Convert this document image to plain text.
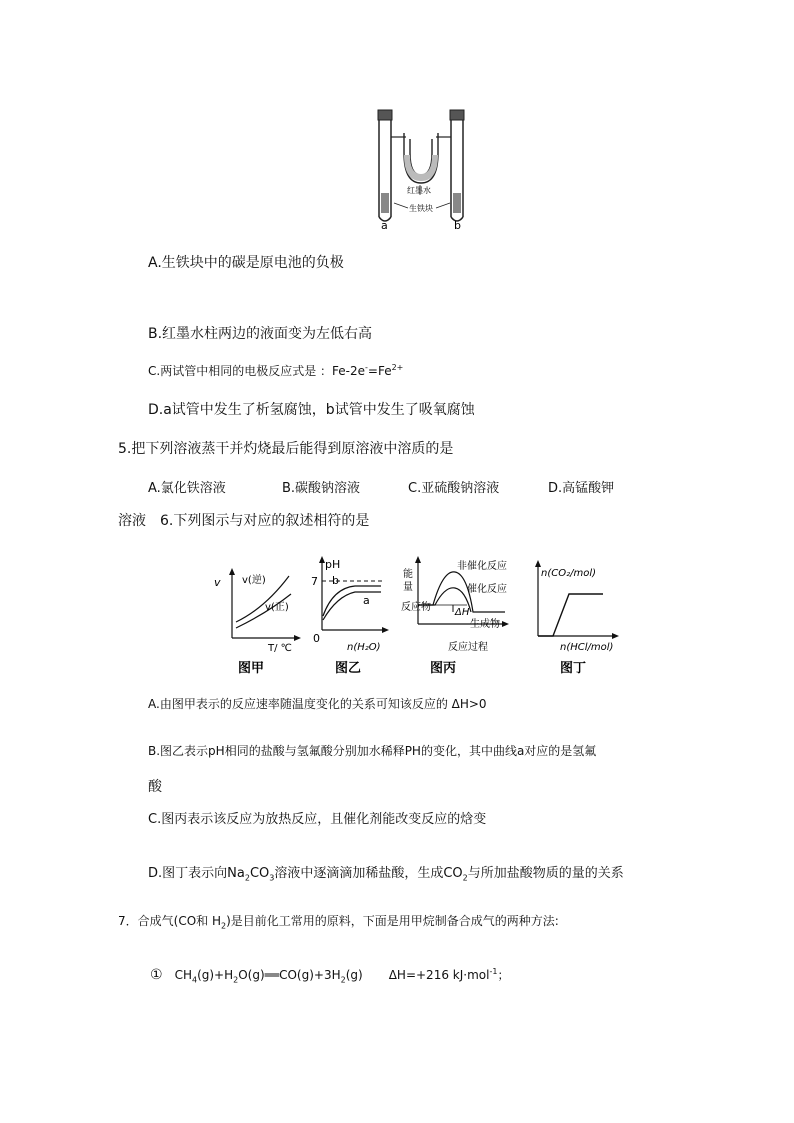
红墨水
生铁块
a	b
A.生铁块中的碳是原电池的负极
B.红墨水柱两边的液面变为左低右高
C.两试管中相同的电极反应式是 ：$Fe-2e^-=Fe^{2+}$
D.a试管中发生了析氢腐蚀，b试管中发生了吸氧腐蚀
5.把下列溶液蒸干并灼烧最后能得到原溶液中溶质的是
A.氯化铁溶液	B.碳酸钠溶液	C.亚硫酸钠溶液	D.高锰酸钾
溶液　6.下列图示与对应的叙述相符的是
v v(逆)
v(正)
T/ ℃
图甲
pH
7
0
b
a
n(H₂O)
图乙
能
量
非催化反应
催化反应
反应物 ΔH
生成物
反应过程
图丙
n(CO₂/mol)
n(HCl/mol)
图丁
A.由图甲表示的反应速率随温度变化的关系可知该反应的 ΔH>0
B.图乙表示pH相同的盐酸与氢氟酸分别加水稀释PH的变化，其中曲线a对应的是氢氟
酸
C.图丙表示该反应为放热反应，且催化剂能改变反应的焓变
D.图丁表示向$Na_2CO_3$溶液中逐滴滴加稀盐酸，生成$CO_2$与所加盐酸物质的量的关系
7．合成气(CO和 $H_2$)是目前化工常用的原料，下面是用甲烷制备合成气的两种方法:
① $CH_4(g)+H_2O(g)══CO(g)+3H_2(g)$ ΔH=+216 kJ·mol$^{-1}$；
